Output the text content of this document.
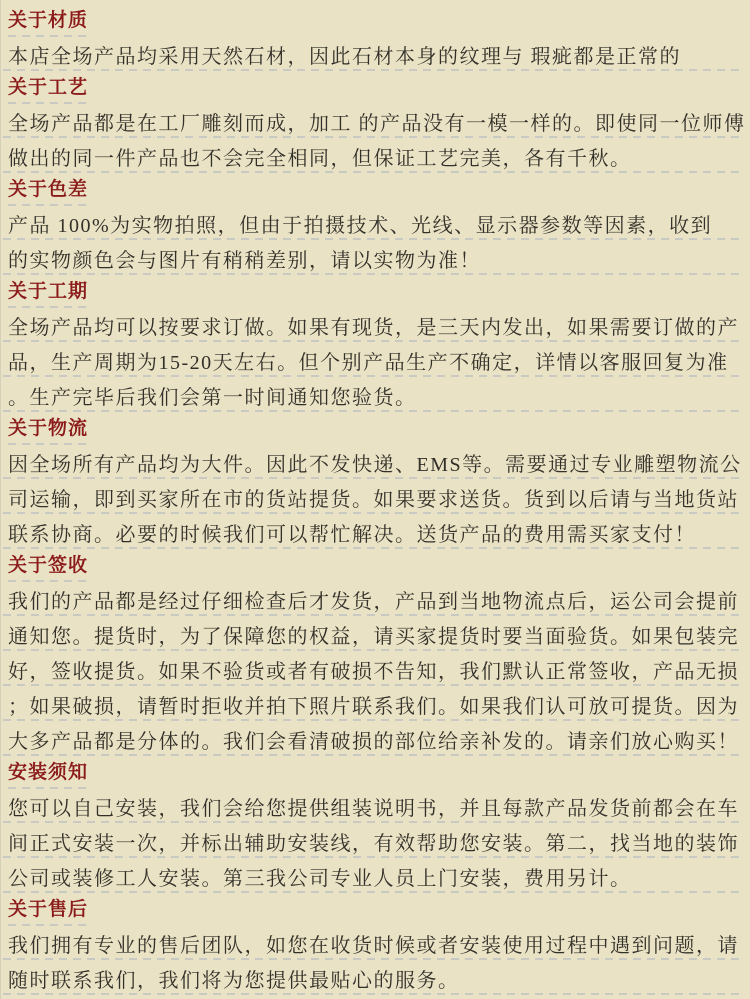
关于材质
本店全场产品均采用天然石材，因此石材本身的纹理与 瑕疵都是正常的
关于工艺
全场产品都是在工厂雕刻而成，加工 的产品没有一模一样的。即使同一位师傅
做出的同一件产品也不会完全相同，但保证工艺完美，各有千秋。
关于色差
产品 100%为实物拍照，但由于拍摄技术、光线、显示器参数等因素，收到
的实物颜色会与图片有稍稍差别，请以实物为准！
关于工期
全场产品均可以按要求订做。如果有现货，是三天内发出，如果需要订做的产
品，生产周期为15-20天左右。但个别产品生产不确定，详情以客服回复为准
。生产完毕后我们会第一时间通知您验货。
关于物流
因全场所有产品均为大件。因此不发快递、EMS等。需要通过专业雕塑物流公
司运输，即到买家所在市的货站提货。如果要求送货。货到以后请与当地货站
联系协商。必要的时候我们可以帮忙解决。送货产品的费用需买家支付！
关于签收
我们的产品都是经过仔细检查后才发货，产品到当地物流点后，运公司会提前
通知您。提货时，为了保障您的权益，请买家提货时要当面验货。如果包装完
好，签收提货。如果不验货或者有破损不告知，我们默认正常签收，产品无损
；如果破损，请暂时拒收并拍下照片联系我们。如果我们认可放可提货。因为
大多产品都是分体的。我们会看清破损的部位给亲补发的。请亲们放心购买！
安装须知
您可以自己安装，我们会给您提供组装说明书，并且每款产品发货前都会在车
间正式安装一次，并标出辅助安装线，有效帮助您安装。第二，找当地的装饰
公司或装修工人安装。第三我公司专业人员上门安装，费用另计。
关于售后
我们拥有专业的售后团队，如您在收货时候或者安装使用过程中遇到问题，请
随时联系我们，我们将为您提供最贴心的服务。
